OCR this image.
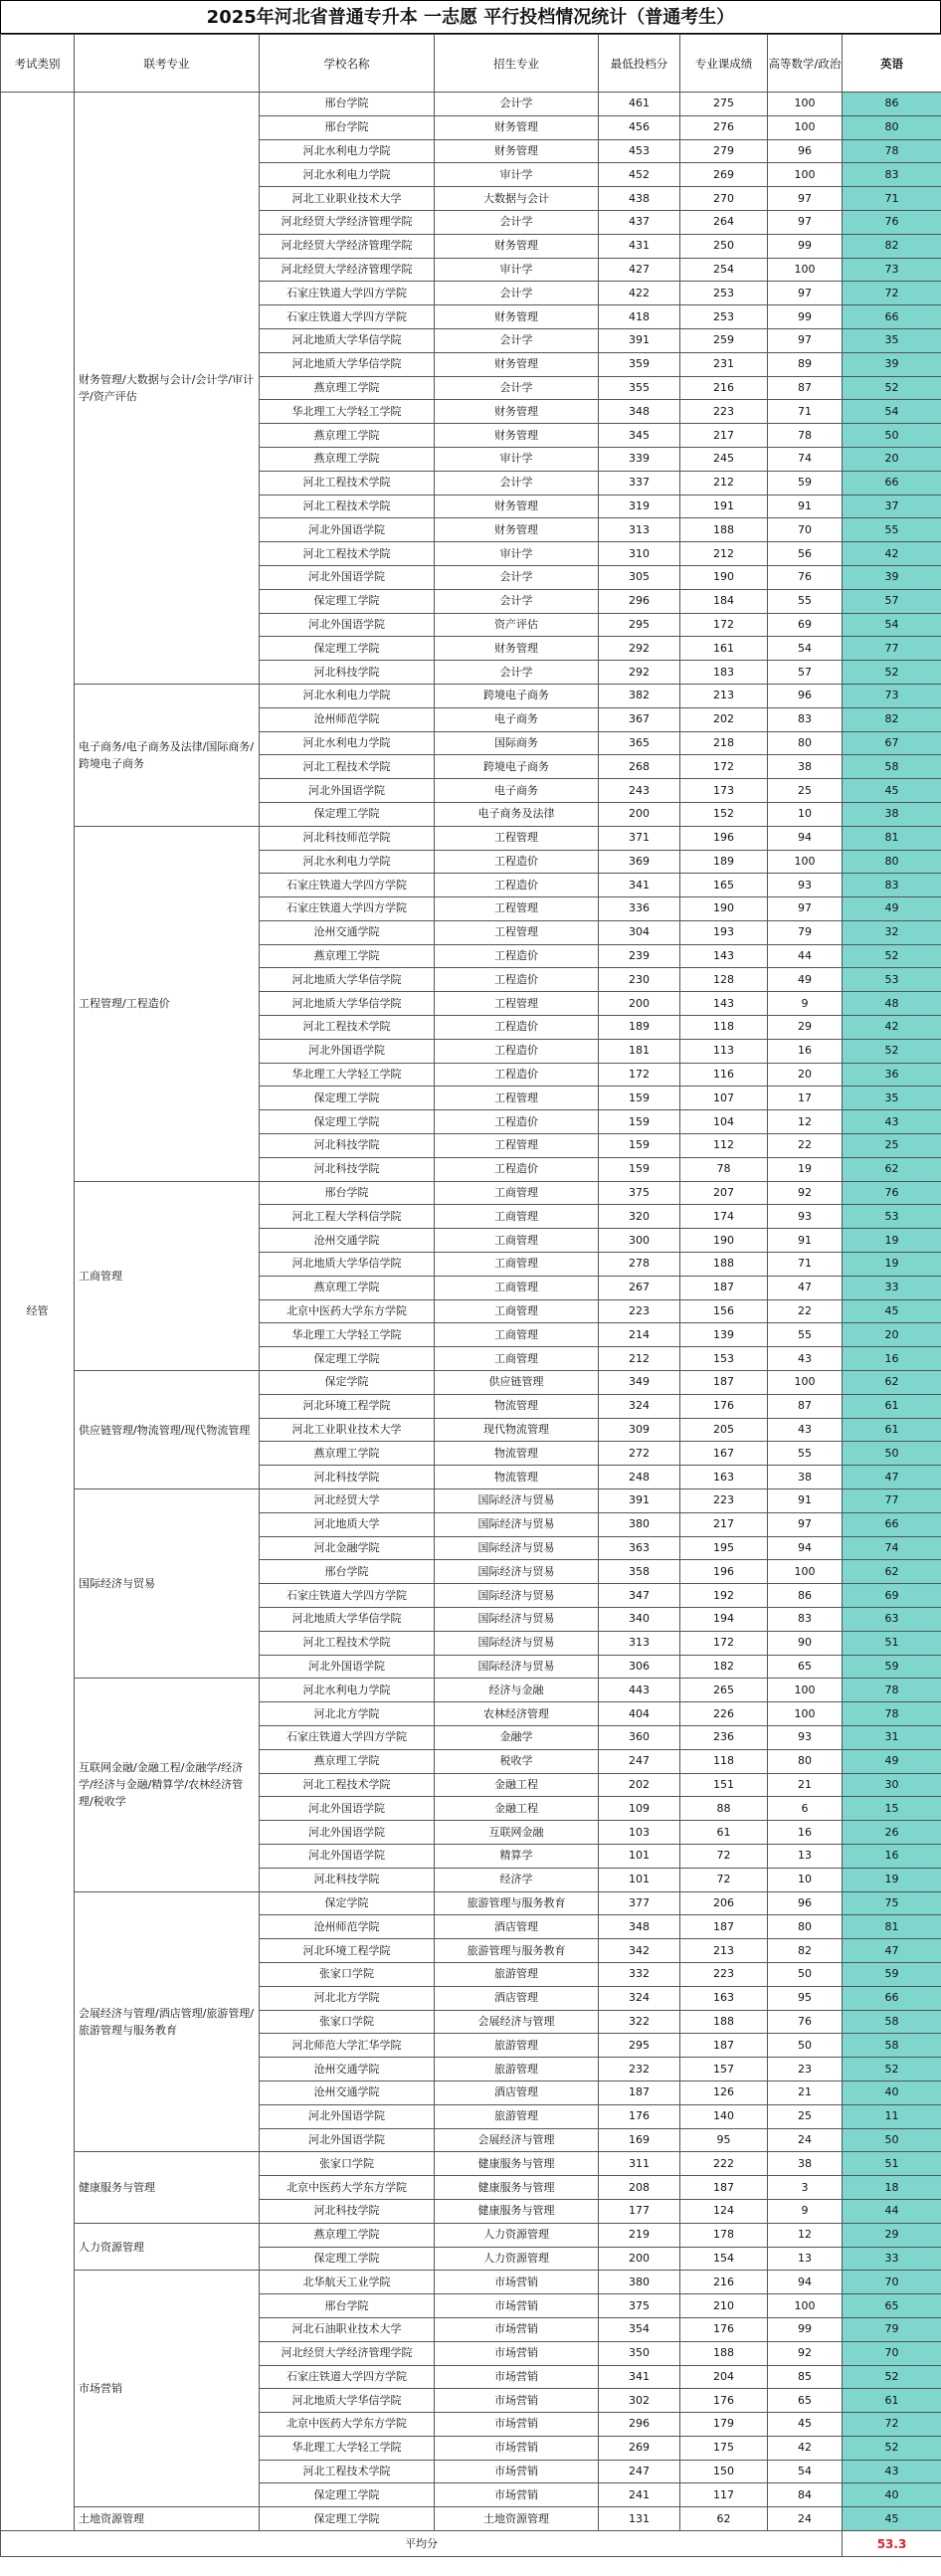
2025年河北省普通专升本 一志愿 平行投档情况统计（普通考生）
考试类别	联考专业	学校名称	招生专业	最低投档分	专业课成绩	高等数学/政治	英语
经管	财务管理/大数据与会计/会计学/审计学/资产评估	邢台学院	会计学	461	275	100	86
		邢台学院	财务管理	456	276	100	80
		河北水利电力学院	财务管理	453	279	96	78
		河北水利电力学院	审计学	452	269	100	83
		河北工业职业技术大学	大数据与会计	438	270	97	71
		河北经贸大学经济管理学院	会计学	437	264	97	76
		河北经贸大学经济管理学院	财务管理	431	250	99	82
		河北经贸大学经济管理学院	审计学	427	254	100	73
		石家庄铁道大学四方学院	会计学	422	253	97	72
		石家庄铁道大学四方学院	财务管理	418	253	99	66
		河北地质大学华信学院	会计学	391	259	97	35
		河北地质大学华信学院	财务管理	359	231	89	39
		燕京理工学院	会计学	355	216	87	52
		华北理工大学轻工学院	财务管理	348	223	71	54
		燕京理工学院	财务管理	345	217	78	50
		燕京理工学院	审计学	339	245	74	20
		河北工程技术学院	会计学	337	212	59	66
		河北工程技术学院	财务管理	319	191	91	37
		河北外国语学院	财务管理	313	188	70	55
		河北工程技术学院	审计学	310	212	56	42
		河北外国语学院	会计学	305	190	76	39
		保定理工学院	会计学	296	184	55	57
		河北外国语学院	资产评估	295	172	69	54
		保定理工学院	财务管理	292	161	54	77
		河北科技学院	会计学	292	183	57	52
	电子商务/电子商务及法律/国际商务/跨境电子商务	河北水利电力学院	跨境电子商务	382	213	96	73
		沧州师范学院	电子商务	367	202	83	82
		河北水利电力学院	国际商务	365	218	80	67
		河北工程技术学院	跨境电子商务	268	172	38	58
		河北外国语学院	电子商务	243	173	25	45
		保定理工学院	电子商务及法律	200	152	10	38
	工程管理/工程造价	河北科技师范学院	工程管理	371	196	94	81
		河北水利电力学院	工程造价	369	189	100	80
		石家庄铁道大学四方学院	工程造价	341	165	93	83
		石家庄铁道大学四方学院	工程管理	336	190	97	49
		沧州交通学院	工程管理	304	193	79	32
		燕京理工学院	工程造价	239	143	44	52
		河北地质大学华信学院	工程造价	230	128	49	53
		河北地质大学华信学院	工程管理	200	143	9	48
		河北工程技术学院	工程造价	189	118	29	42
		河北外国语学院	工程造价	181	113	16	52
		华北理工大学轻工学院	工程造价	172	116	20	36
		保定理工学院	工程管理	159	107	17	35
		保定理工学院	工程造价	159	104	12	43
		河北科技学院	工程管理	159	112	22	25
		河北科技学院	工程造价	159	78	19	62
	工商管理	邢台学院	工商管理	375	207	92	76
		河北工程大学科信学院	工商管理	320	174	93	53
		沧州交通学院	工商管理	300	190	91	19
		河北地质大学华信学院	工商管理	278	188	71	19
		燕京理工学院	工商管理	267	187	47	33
		北京中医药大学东方学院	工商管理	223	156	22	45
		华北理工大学轻工学院	工商管理	214	139	55	20
		保定理工学院	工商管理	212	153	43	16
	供应链管理/物流管理/现代物流管理	保定学院	供应链管理	349	187	100	62
		河北环境工程学院	物流管理	324	176	87	61
		河北工业职业技术大学	现代物流管理	309	205	43	61
		燕京理工学院	物流管理	272	167	55	50
		河北科技学院	物流管理	248	163	38	47
	国际经济与贸易	河北经贸大学	国际经济与贸易	391	223	91	77
		河北地质大学	国际经济与贸易	380	217	97	66
		河北金融学院	国际经济与贸易	363	195	94	74
		邢台学院	国际经济与贸易	358	196	100	62
		石家庄铁道大学四方学院	国际经济与贸易	347	192	86	69
		河北地质大学华信学院	国际经济与贸易	340	194	83	63
		河北工程技术学院	国际经济与贸易	313	172	90	51
		河北外国语学院	国际经济与贸易	306	182	65	59
	互联网金融/金融工程/金融学/经济学/经济与金融/精算学/农林经济管理/税收学	河北水利电力学院	经济与金融	443	265	100	78
		河北北方学院	农林经济管理	404	226	100	78
		石家庄铁道大学四方学院	金融学	360	236	93	31
		燕京理工学院	税收学	247	118	80	49
		河北工程技术学院	金融工程	202	151	21	30
		河北外国语学院	金融工程	109	88	6	15
		河北外国语学院	互联网金融	103	61	16	26
		河北外国语学院	精算学	101	72	13	16
		河北科技学院	经济学	101	72	10	19
	会展经济与管理/酒店管理/旅游管理/旅游管理与服务教育	保定学院	旅游管理与服务教育	377	206	96	75
		沧州师范学院	酒店管理	348	187	80	81
		河北环境工程学院	旅游管理与服务教育	342	213	82	47
		张家口学院	旅游管理	332	223	50	59
		河北北方学院	酒店管理	324	163	95	66
		张家口学院	会展经济与管理	322	188	76	58
		河北师范大学汇华学院	旅游管理	295	187	50	58
		沧州交通学院	旅游管理	232	157	23	52
		沧州交通学院	酒店管理	187	126	21	40
		河北外国语学院	旅游管理	176	140	25	11
		河北外国语学院	会展经济与管理	169	95	24	50
	健康服务与管理	张家口学院	健康服务与管理	311	222	38	51
		北京中医药大学东方学院	健康服务与管理	208	187	3	18
		河北科技学院	健康服务与管理	177	124	9	44
	人力资源管理	燕京理工学院	人力资源管理	219	178	12	29
		保定理工学院	人力资源管理	200	154	13	33
	市场营销	北华航天工业学院	市场营销	380	216	94	70
		邢台学院	市场营销	375	210	100	65
		河北石油职业技术大学	市场营销	354	176	99	79
		河北经贸大学经济管理学院	市场营销	350	188	92	70
		石家庄铁道大学四方学院	市场营销	341	204	85	52
		河北地质大学华信学院	市场营销	302	176	65	61
		北京中医药大学东方学院	市场营销	296	179	45	72
		华北理工大学轻工学院	市场营销	269	175	42	52
		河北工程技术学院	市场营销	247	150	54	43
		保定理工学院	市场营销	241	117	84	40
	土地资源管理	保定理工学院	土地资源管理	131	62	24	45
平均分							53.3
